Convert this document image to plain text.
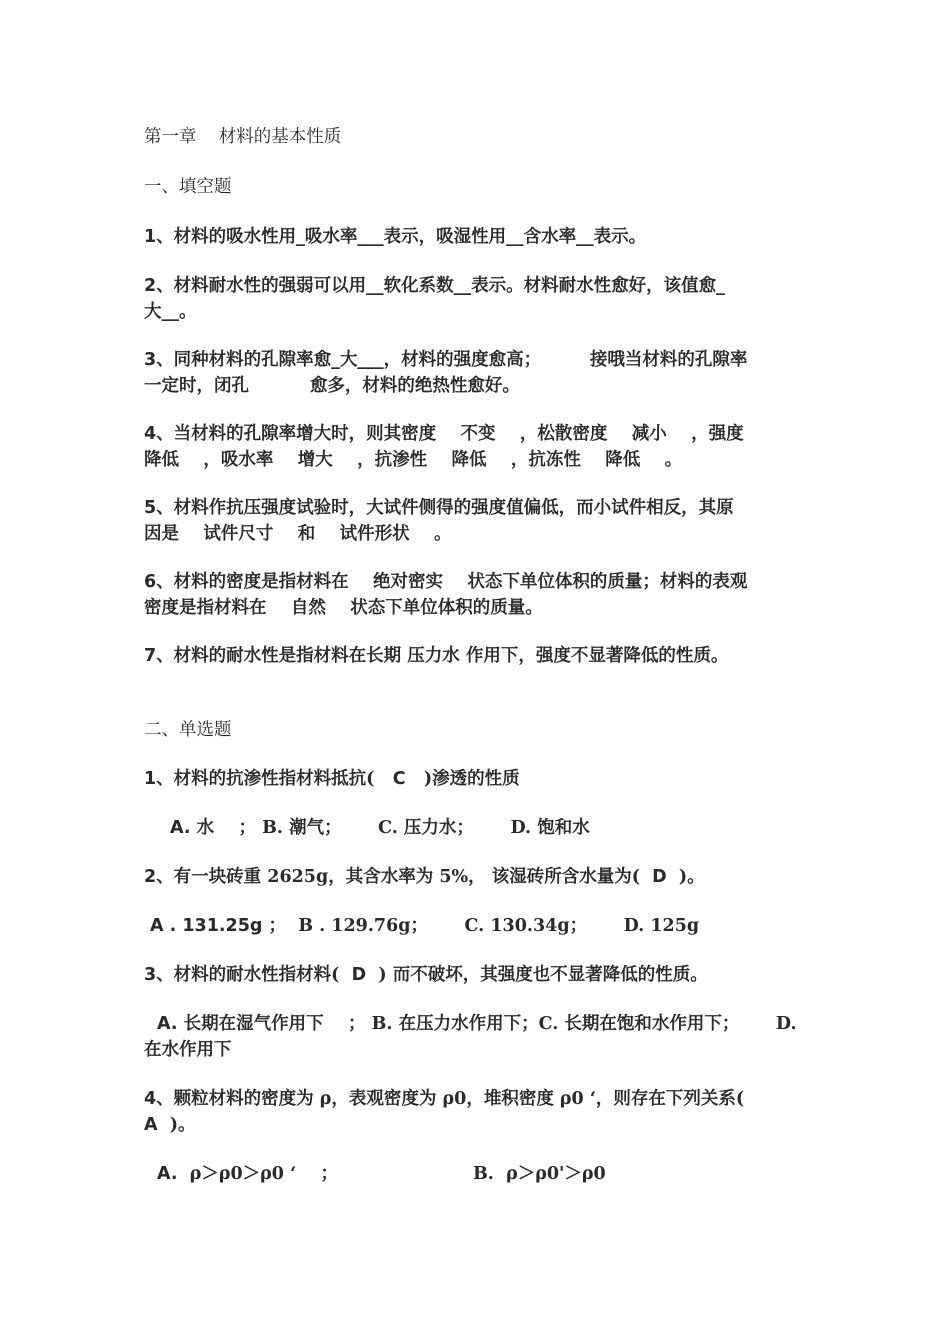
第一章    材料的基本性质

一、填空题

1、材料的吸水性用_吸水率___表示，吸湿性用__含水率__表示。

2、材料耐水性的强弱可以用__软化系数__表示。材料耐水性愈好，该值愈_
大__。

3、同种材料的孔隙率愈_大___，材料的强度愈高；        接哦当材料的孔隙率
一定时，闭孔          愈多，材料的绝热性愈好。

4、当材料的孔隙率增大时，则其密度    不变    ，松散密度    减小    ，强度
降低    ，吸水率    增大    ，抗渗性    降低    ，抗冻性    降低    。

5、材料作抗压强度试验时，大试件侧得的强度值偏低，而小试件相反，其原
因是    试件尺寸    和    试件形状    。

6、材料的密度是指材料在    绝对密实    状态下单位体积的质量；材料的表观
密度是指材料在    自然    状态下单位体积的质量。

7、材料的耐水性是指材料在长期 压力水 作用下，强度不显著降低的性质。

二、单选题

1、材料的抗渗性指材料抵抗(   C   )渗透的性质

A. 水    ； B. 潮气；      C. 压力水；      D. 饱和水

2、有一块砖重 2625g，其含水率为 5%， 该湿砖所含水量为(  D  )。

A . 131.25g ；  B . 129.76g；      C. 130.34g；      D. 125g

3、材料的耐水性指材料(  D  ) 而不破坏，其强度也不显著降低的性质。

A. 长期在湿气作用下    ； B. 在压力水作用下；C. 长期在饱和水作用下；      D.
在水作用下

4、颗粒材料的密度为 ρ，表观密度为 ρ0，堆积密度 ρ0 ‘，则存在下列关系(
A  )。

A.  ρ＞ρ0＞ρ0 ‘    ；	B.  ρ＞ρ0'＞ρ0
